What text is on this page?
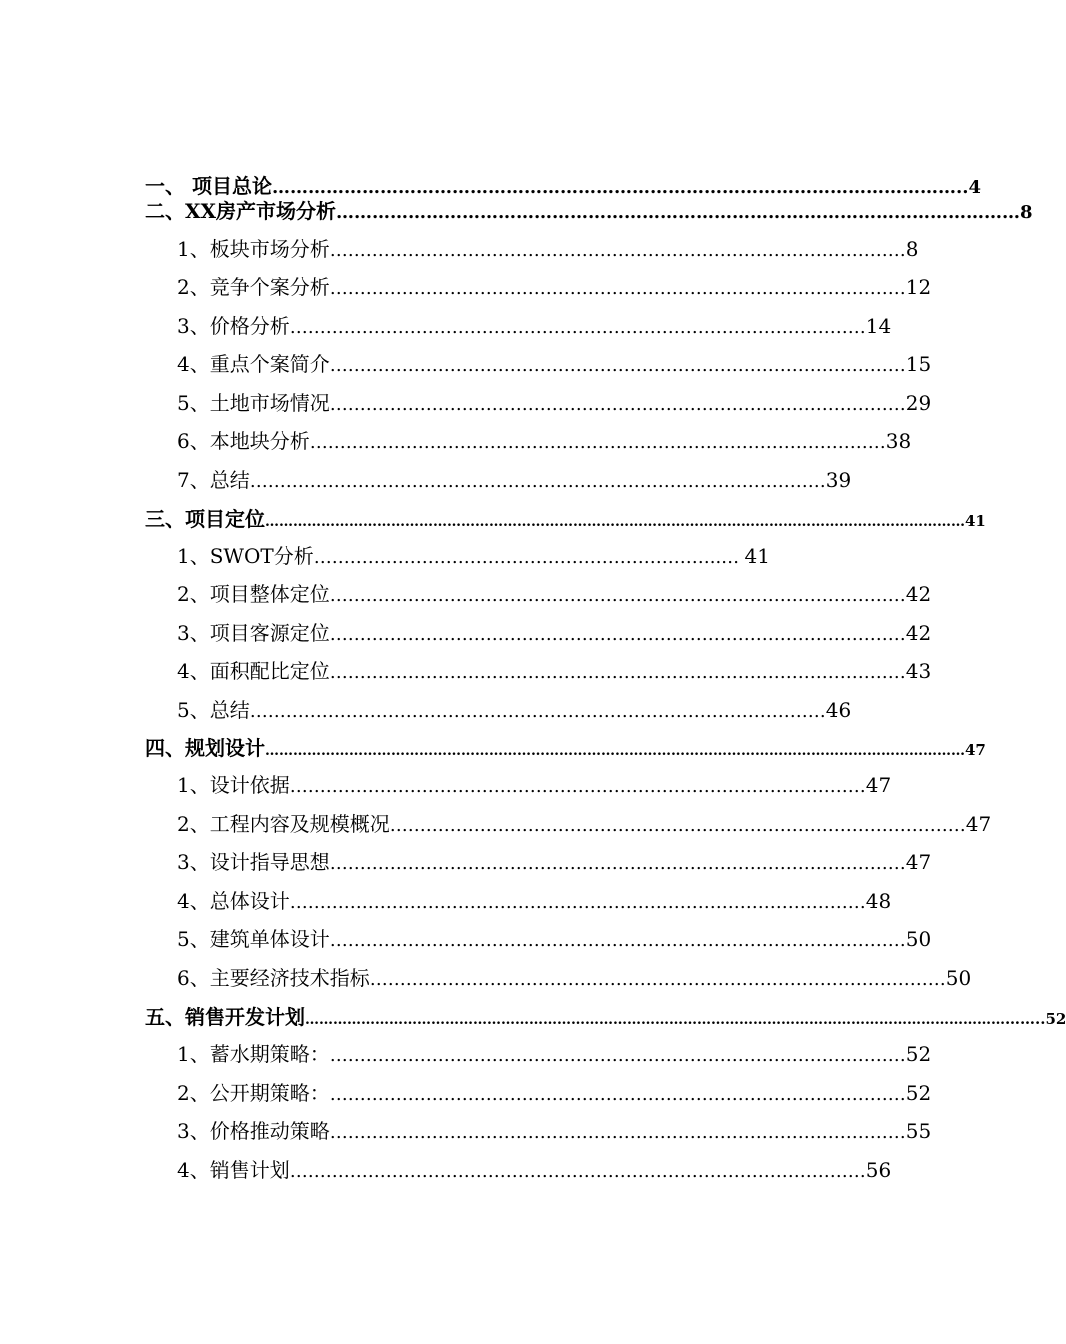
一、 项目总论 …………………………………………………………………………………………………… ..4
二、XX房产市场分析 …………………………………………………………………………………………………… 8
1、板块市场分析 …………………………………………………………………………………… 8
2、竞争个案分析 …………………………………………………………………………………… 12
3、价格分析 …………………………………………………………………………………… 14
4、重点个案简介 …………………………………………………………………………………… 15
5、土地市场情况 …………………………………………………………………………………… 29
6、本地块分析 …………………………………………………………………………………… 38
7、总结 …………………………………………………………………………………… 39
三、项目定位 …………………………………………………………………………………………………………………………………… 41
1、SWOT分析 …………………………………………………………..… 41
2、项目整体定位 …………………………………………………………………………………… 42
3、项目客源定位 …………………………………………………………………………………… 42
4、面积配比定位 …………………………………………………………………………………… 43
5、总结 …………………………………………………………………………………… 46
四、规划设计 …………………………………………………………………………………………………………………………………… 47
1、设计依据 …………………………………………………………………………………… 47
2、工程内容及规模概况 …………………………………………………………………………………… 47
3、设计指导思想 …………………………………………………………………………………… 47
4、总体设计 …………………………………………………………………………………… 48
5、建筑单体设计 …………………………………………………………………………………… 50
6、主要经济技术指标 …………………………………………………………………………………… 50
五、销售开发计划 …………………………………………………………………………………………………………………………………… ……..52
1、蓄水期策略： …………………………………………………………………………………… 52
2、公开期策略： …………………………………………………………………………………… 52
3、价格推动策略 …………………………………………………………………………………… 55
4、销售计划 …………………………………………………………………………………… 56
